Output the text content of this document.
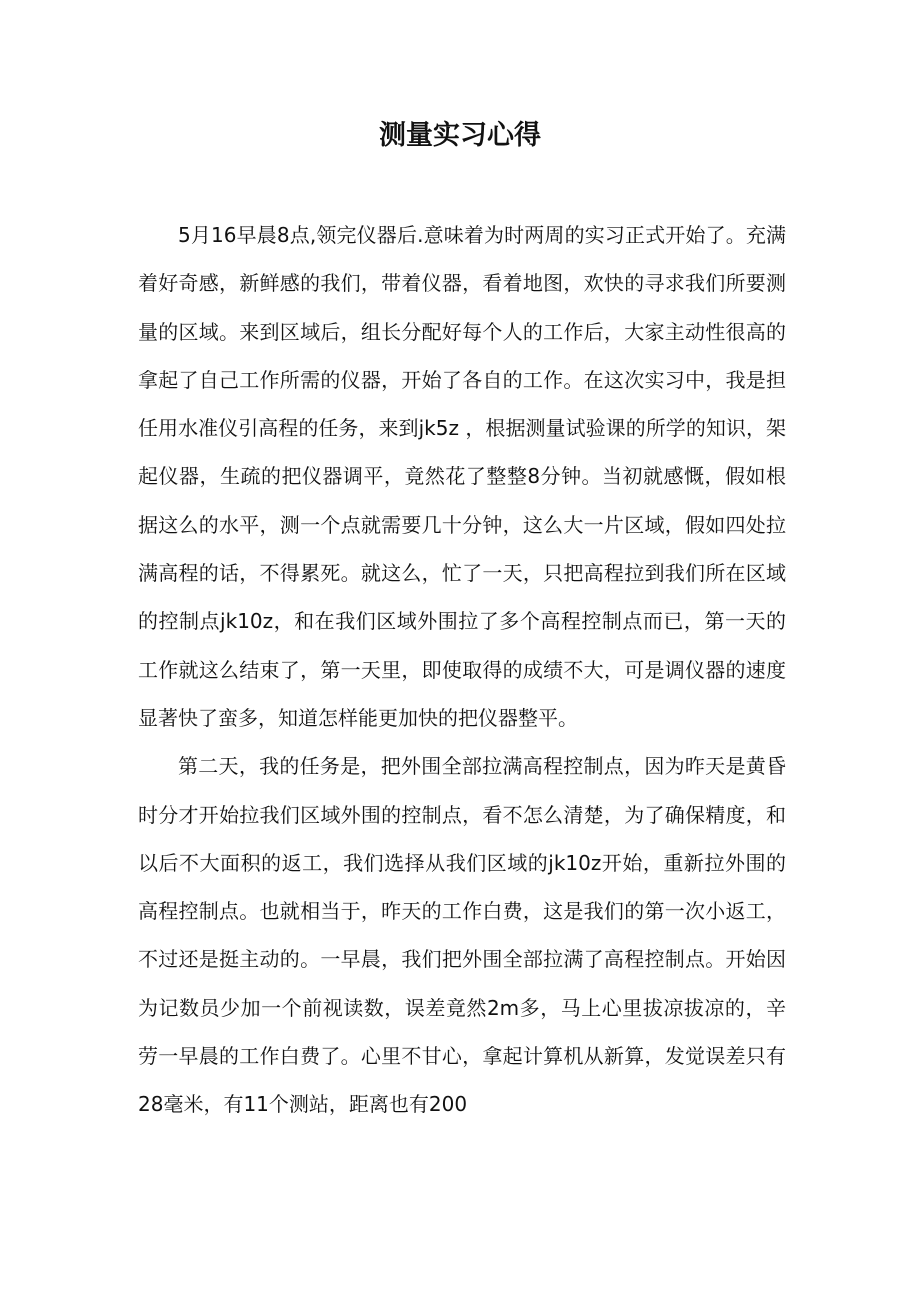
测量实习心得

5月16早晨8点,领完仪器后.意味着为时两周的实习正式开始了。充满着好奇感，新鲜感的我们，带着仪器，看着地图，欢快的寻求我们所要测量的区域。来到区域后，组长分配好每个人的工作后，大家主动性很高的拿起了自己工作所需的仪器，开始了各自的工作。在这次实习中，我是担任用水准仪引高程的任务，来到jk5z ，根据测量试验课的所学的知识，架起仪器，生疏的把仪器调平，竟然花了整整8分钟。当初就感慨，假如根据这么的水平，测一个点就需要几十分钟，这么大一片区域，假如四处拉满高程的话，不得累死。就这么，忙了一天，只把高程拉到我们所在区域的控制点jk10z，和在我们区域外围拉了多个高程控制点而已，第一天的工作就这么结束了，第一天里，即使取得的成绩不大，可是调仪器的速度显著快了蛮多，知道怎样能更加快的把仪器整平。

第二天，我的任务是，把外围全部拉满高程控制点，因为昨天是黄昏时分才开始拉我们区域外围的控制点，看不怎么清楚，为了确保精度，和以后不大面积的返工，我们选择从我们区域的jk10z开始，重新拉外围的高程控制点。也就相当于，昨天的工作白费，这是我们的第一次小返工，不过还是挺主动的。一早晨，我们把外围全部拉满了高程控制点。开始因为记数员少加一个前视读数，误差竟然2m多，马上心里拔凉拔凉的，辛劳一早晨的工作白费了。心里不甘心，拿起计算机从新算，发觉误差只有28毫米，有11个测站，距离也有200
